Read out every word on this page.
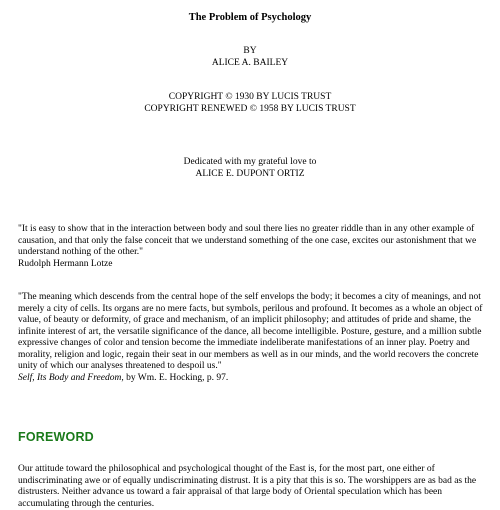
The Problem of Psychology
BY
ALICE A. BAILEY
COPYRIGHT © 1930 BY LUCIS TRUST
COPYRIGHT RENEWED © 1958 BY LUCIS TRUST
Dedicated with my grateful love to
ALICE E. DUPONT ORTIZ
"It is easy to show that in the interaction between body and soul there lies no greater riddle than in any other example of causation, and that only the false conceit that we understand something of the one case, excites our astonishment that we understand nothing of the other."
Rudolph Hermann Lotze
"The meaning which descends from the central hope of the self envelops the body; it becomes a city of meanings, and not merely a city of cells. Its organs are no mere facts, but symbols, perilous and profound. It becomes as a whole an object of value, of beauty or deformity, of grace and mechanism, of an implicit philosophy; and attitudes of pride and shame, the infinite interest of art, the versatile significance of the dance, all become intelligible. Posture, gesture, and a million subtle expressive changes of color and tension become the immediate indeliberate manifestations of an inner play. Poetry and morality, religion and logic, regain their seat in our members as well as in our minds, and the world recovers the concrete unity of which our analyses threatened to despoil us."
Self, Its Body and Freedom, by Wm. E. Hocking, p. 97.
FOREWORD

Our attitude toward the philosophical and psychological thought of the East is, for the most part, one either of undiscriminating awe or of equally undiscriminating distrust. It is a pity that this is so. The worshippers are as bad as the distrusters. Neither advance us toward a fair appraisal of that large body of Oriental speculation which has been accumulating through the centuries.
